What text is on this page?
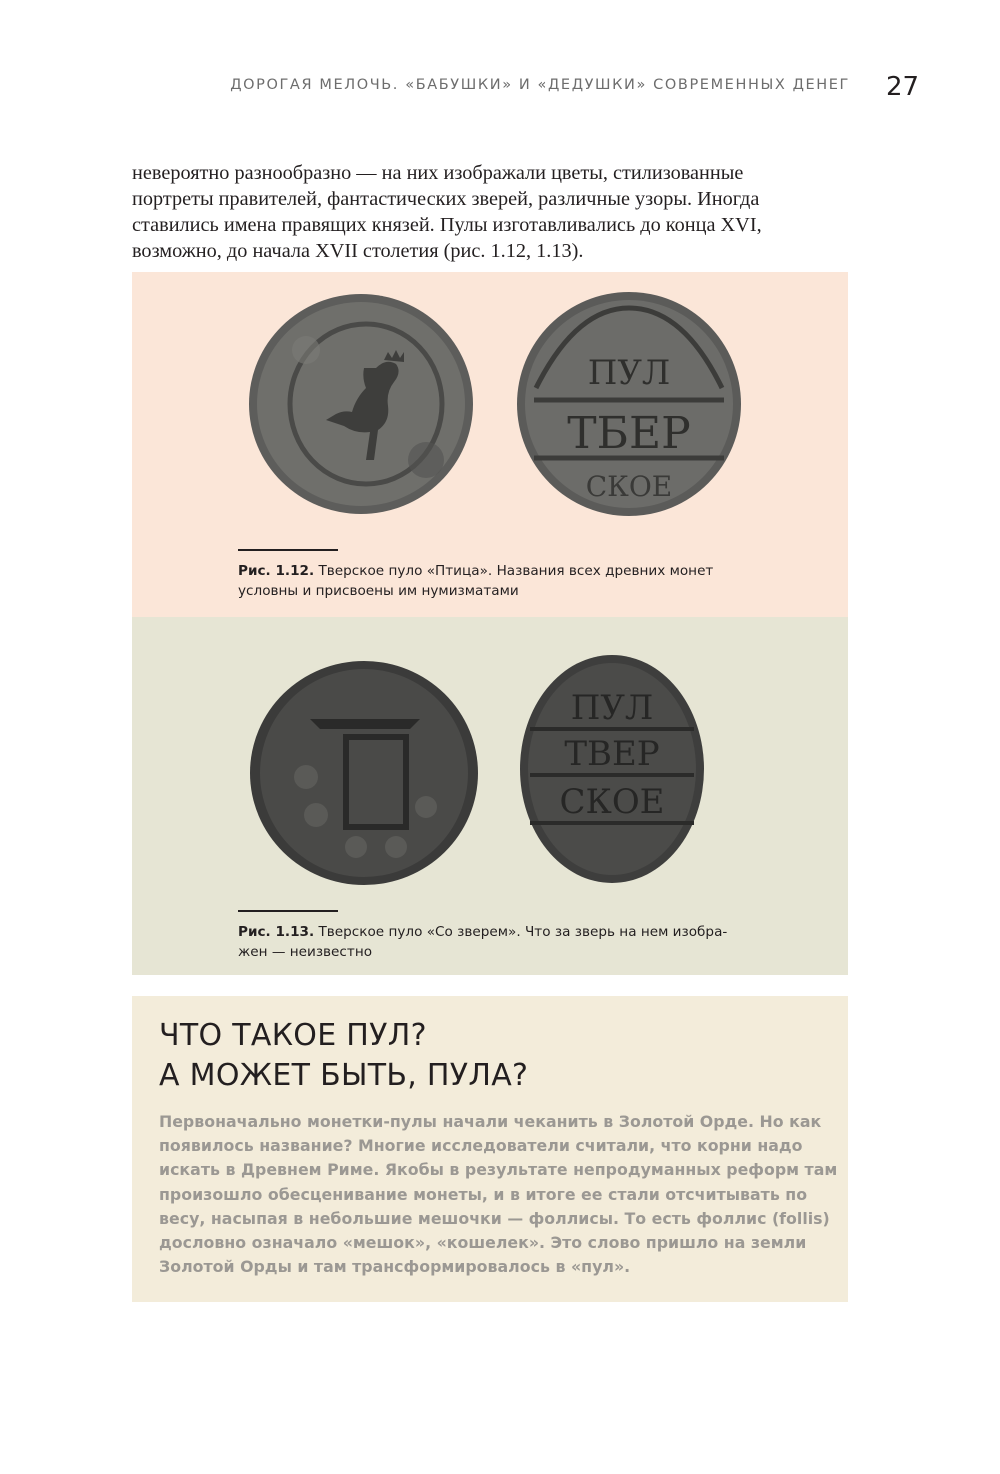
ДОРОГАЯ МЕЛОЧЬ. «БАБУШКИ» И «ДЕДУШКИ» СОВРЕМЕННЫХ ДЕНЕГ 27

невероятно разнообразно — на них изображали цветы, стилизованные
портреты правителей, фантастических зверей, различные узоры. Иногда
ставились имена правящих князей. Пулы изготавливались до конца XVI,
возможно, до начала XVII столетия (рис. 1.12, 1.13).

ПУЛ
ТБЕР
СКОЕ
Рис. 1.12. Тверское пуло «Птица». Названия всех древних монет
условны и присвоены им нумизматами
ПУЛ
ТВЕР
СКОЕ
Рис. 1.13. Тверское пуло «Со зверем». Что за зверь на нем изобра-
жен — неизвестно
ЧТО ТАКОЕ ПУЛ?
А МОЖЕТ БЫТЬ, ПУЛА?
Первоначально монетки-пулы начали чеканить в Золотой Орде. Но как
появилось название? Многие исследователи считали, что корни надо
искать в Древнем Риме. Якобы в результате непродуманных реформ там
произошло обесценивание монеты, и в итоге ее стали отсчитывать по
весу, насыпая в небольшие мешочки — фоллисы. То есть фоллис (follis)
дословно означало «мешок», «кошелек». Это слово пришло на земли
Золотой Орды и там трансформировалось в «пул».
